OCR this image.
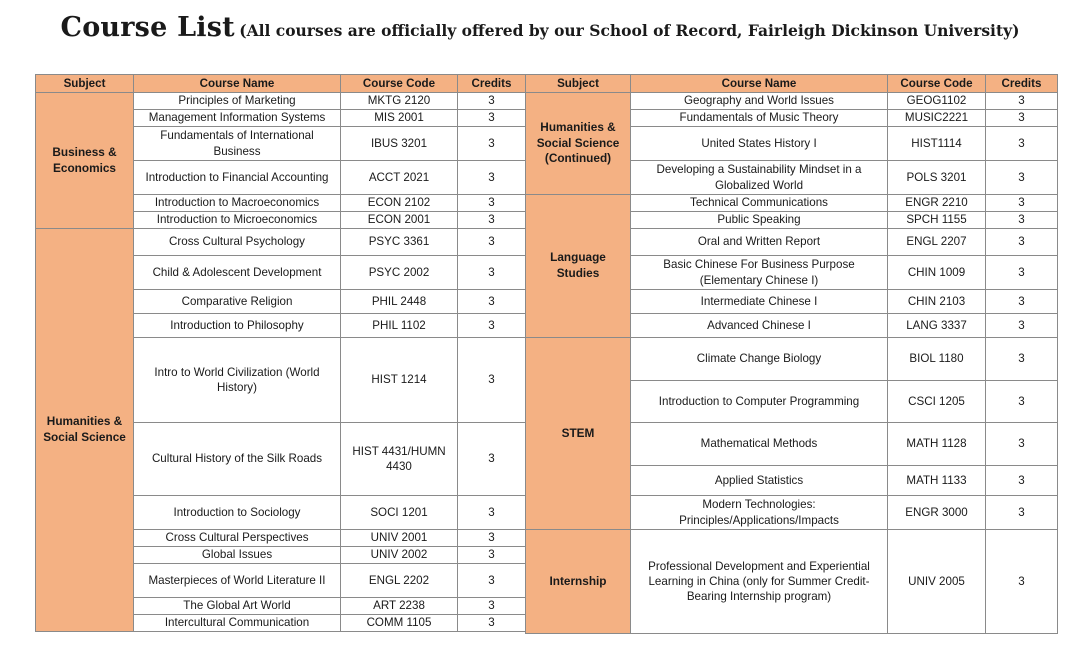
Course List (All courses are officially offered by our School of Record, Fairleigh Dickinson University)
Subject	Course Name	Course Code	Credits
Business & Economics	Principles of Marketing	MKTG 2120	3
	Management Information Systems	MIS 2001	3
	Fundamentals of International Business	IBUS 3201	3
	Introduction to Financial Accounting	ACCT 2021	3
	Introduction to Macroeconomics	ECON 2102	3
	Introduction to Microeconomics	ECON 2001	3
Humanities & Social Science	Cross Cultural Psychology	PSYC 3361	3
	Child & Adolescent Development	PSYC 2002	3
	Comparative Religion	PHIL 2448	3
	Introduction to Philosophy	PHIL 1102	3
	Intro to World Civilization (World History)	HIST 1214	3
	Cultural History of the Silk Roads	HIST 4431/HUMN 4430	3
	Introduction to Sociology	SOCI 1201	3
	Cross Cultural Perspectives	UNIV 2001	3
	Global Issues	UNIV 2002	3
	Masterpieces of World Literature II	ENGL 2202	3
	The Global Art World	ART 2238	3
	Intercultural Communication	COMM 1105	3
Subject	Course Name	Course Code	Credits
Humanities & Social Science (Continued)	Geography and World Issues	GEOG1102	3
	Fundamentals of Music Theory	MUSIC2221	3
	United States History I	HIST1114	3
	Developing a Sustainability Mindset in a Globalized World	POLS 3201	3
Language Studies	Technical Communications	ENGR 2210	3
	Public Speaking	SPCH 1155	3
	Oral and Written Report	ENGL 2207	3
	Basic Chinese For Business Purpose (Elementary Chinese I)	CHIN 1009	3
	Intermediate Chinese I	CHIN 2103	3
	Advanced Chinese I	LANG 3337	3
STEM	Climate Change Biology	BIOL 1180	3
	Introduction to Computer Programming	CSCI 1205	3
	Mathematical Methods	MATH 1128	3
	Applied Statistics	MATH 1133	3
	Modern Technologies: Principles/Applications/Impacts	ENGR 3000	3
Internship	Professional Development and Experiential Learning in China (only for Summer Credit-Bearing Internship program)	UNIV 2005	3
